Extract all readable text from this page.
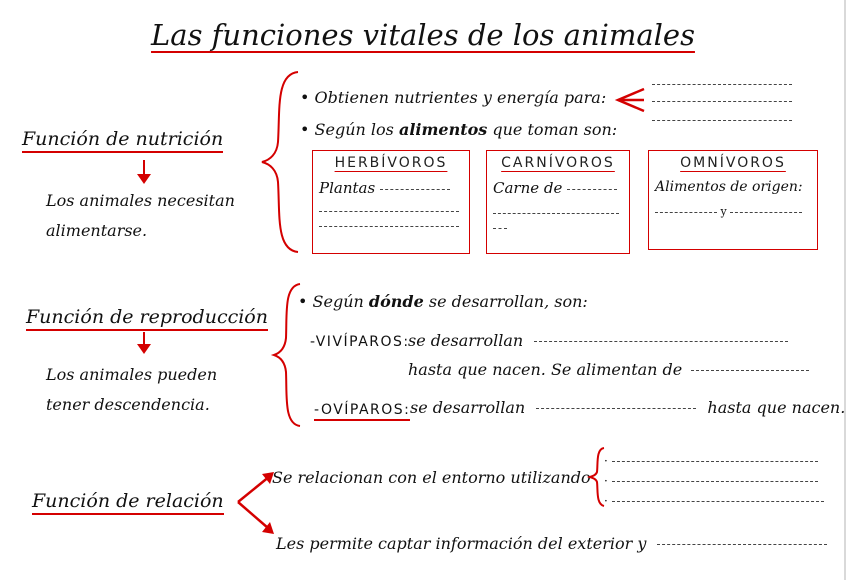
Las funciones vitales de los animales
Función de nutrición
Los animales necesitan
alimentarse.
• Obtienen nutrientes y energía para:
• Según los alimentos que toman son:
HERBÍVOROS
Plantas
CARNÍVOROS
Carne de
OMNÍVOROS
Alimentos de origen:
y
Función de reproducción
Los animales pueden
tener descendencia.
• Según dónde se desarrollan, son:
-VIVÍPAROS:
se desarrollan
hasta que nacen. Se alimentan de
-OVÍPAROS: se desarrollan	hasta que nacen.
Función de relación
Se relacionan con el entorno utilizando
·
·
·
Les permite captar información del exterior y
